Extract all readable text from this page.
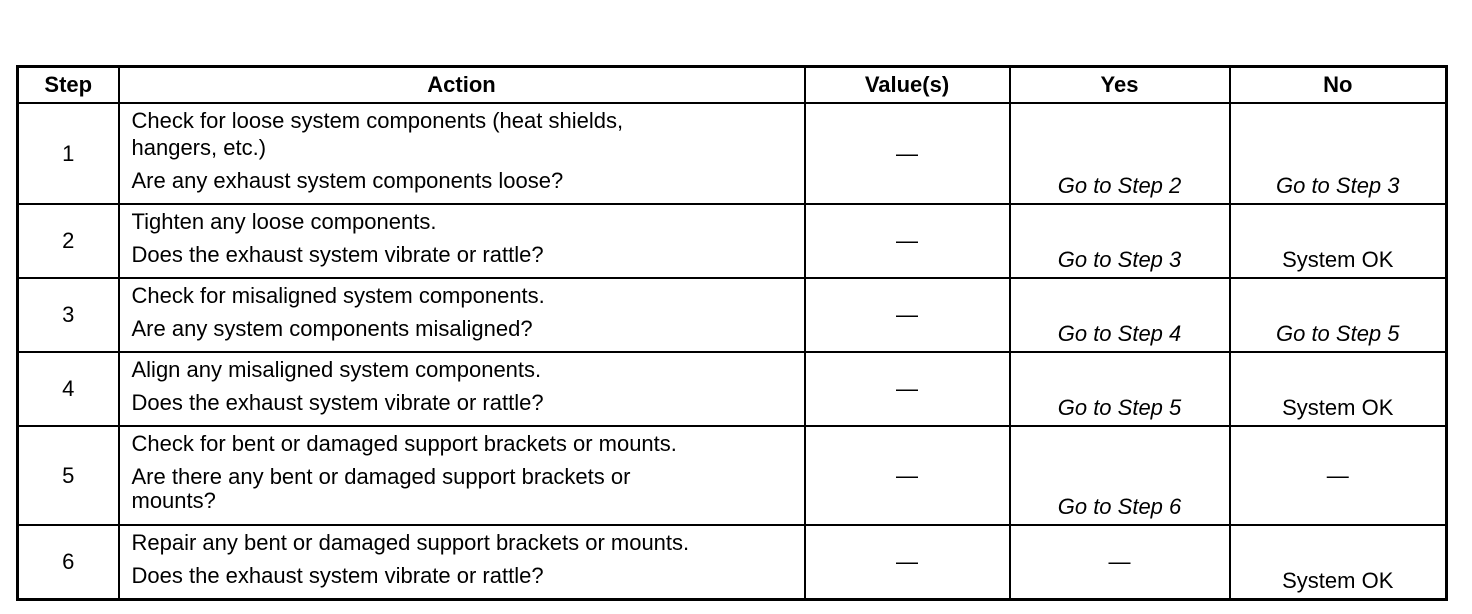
Step	Action	Value(s)	Yes	No
1	Check for loose system components (heat shields,
hangers, etc.)
Are any exhaust system components loose?	—	Go to Step 2	Go to Step 3
2	Tighten any loose components.
Does the exhaust system vibrate or rattle?	—	Go to Step 3	System OK
3	Check for misaligned system components.
Are any system components misaligned?	—	Go to Step 4	Go to Step 5
4	Align any misaligned system components.
Does the exhaust system vibrate or rattle?	—	Go to Step 5	System OK
5	Check for bent or damaged support brackets or mounts.
Are there any bent or damaged support brackets or
mounts?	—	Go to Step 6	—
6	Repair any bent or damaged support brackets or mounts.
Does the exhaust system vibrate or rattle?	—	—	System OK
